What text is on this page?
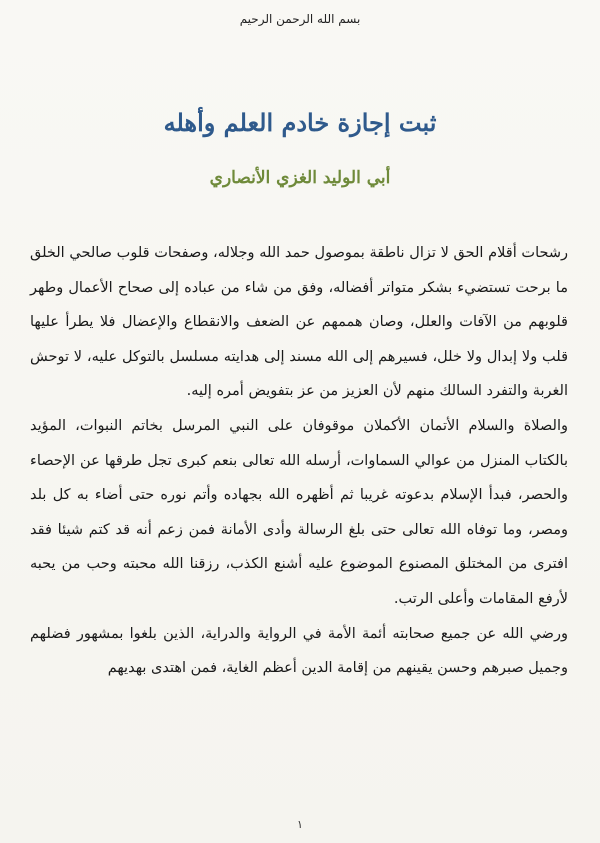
بسم الله الرحمن الرحيم
ثبت إجازة خادم العلم وأهله
أبي الوليد الغزي الأنصاري

رشحات أقلام الحق لا تزال ناطقة بموصول حمد الله وجلاله، وصفحات قلوب صالحي الخلق ما برحت تستضيء بشكر متواتر أفضاله، وفق من شاء من عباده إلى صحاح الأعمال وطهر قلوبهم من الآفات والعلل، وصان هممهم عن الضعف والانقطاع والإعضال فلا يطرأ عليها قلب ولا إبدال ولا خلل، فسيرهم إلى الله مسند إلى هدايته مسلسل بالتوكل عليه، لا توحش الغربة والتفرد السالك منهم لأن العزيز من عز بتفويض أمره إليه.

والصلاة والسلام الأتمان الأكملان موقوفان على النبي المرسل بخاتم النبوات، المؤيد بالكتاب المنزل من عوالي السماوات، أرسله الله تعالى بنعم كبرى تجل طرقها عن الإحصاء والحصر، فبدأ الإسلام بدعوته غريبا ثم أظهره الله بجهاده وأتم نوره حتى أضاء به كل بلد ومصر، وما توفاه الله تعالى حتى بلغ الرسالة وأدى الأمانة فمن زعم أنه قد كتم شيئا فقد افترى من المختلق المصنوع الموضوع عليه أشنع الكذب، رزقنا الله محبته وحب من يحبه لأرفع المقامات وأعلى الرتب.

ورضي الله عن جميع صحابته أئمة الأمة في الرواية والدراية، الذين بلغوا بمشهور فضلهم وجميل صبرهم وحسن يقينهم من إقامة الدين أعظم الغاية، فمن اهتدى بهديهم

١
